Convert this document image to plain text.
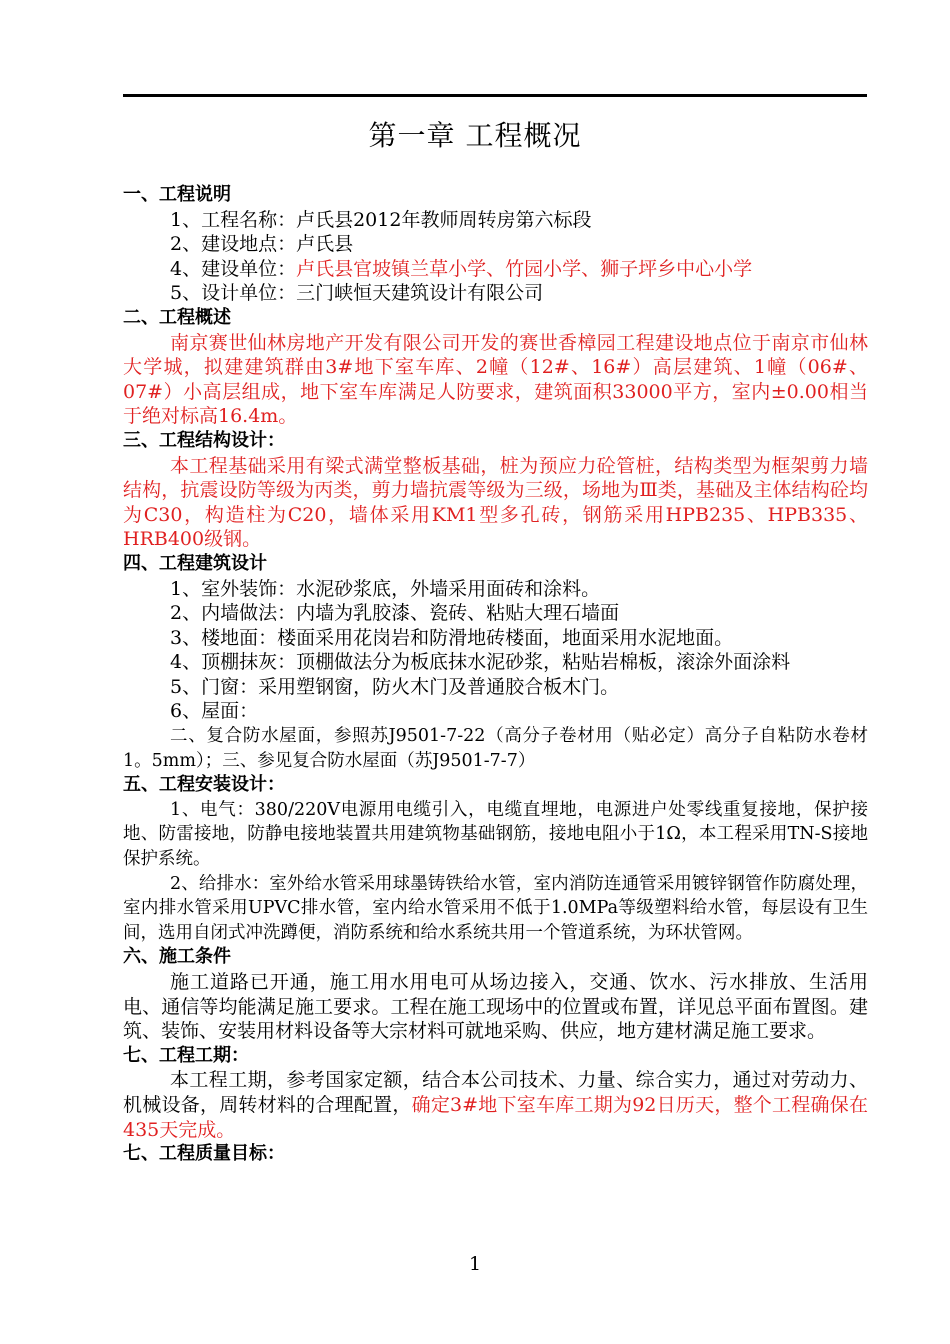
第一章 工程概况
一、工程说明
1、工程名称：卢氏县2012年教师周转房第六标段
2、建设地点：卢氏县
4、建设单位：卢氏县官坡镇兰草小学、竹园小学、狮子坪乡中心小学
5、设计单位：三门峡恒天建筑设计有限公司
二、工程概述
南京赛世仙林房地产开发有限公司开发的赛世香樟园工程建设地点位于南京市仙林大学城，拟建建筑群由3#地下室车库、2幢（12#、16#）高层建筑、1幢（06#、07#）小高层组成，地下室车库满足人防要求，建筑面积33000平方，室内±0.00相当于绝对标高16.4m。
三、工程结构设计：
本工程基础采用有梁式满堂整板基础，桩为预应力砼管桩，结构类型为框架剪力墙结构，抗震设防等级为丙类，剪力墙抗震等级为三级，场地为Ⅲ类，基础及主体结构砼均为C30，构造柱为C20，墙体采用KM1型多孔砖，钢筋采用HPB235、HPB335、HRB400级钢。
四、工程建筑设计
1、室外装饰：水泥砂浆底，外墙采用面砖和涂料。
2、内墙做法：内墙为乳胶漆、瓷砖、粘贴大理石墙面
3、楼地面：楼面采用花岗岩和防滑地砖楼面，地面采用水泥地面。
4、顶棚抹灰：顶棚做法分为板底抹水泥砂浆，粘贴岩棉板，滚涂外面涂料
5、门窗：采用塑钢窗，防火木门及普通胶合板木门。
6、屋面：
二、复合防水屋面，参照苏J9501-7-22（高分子卷材用（贴必定）高分子自粘防水卷材1。5mm）；三、参见复合防水屋面（苏J9501-7-7）
五、工程安装设计：
1、电气：380/220V电源用电缆引入，电缆直埋地，电源进户处零线重复接地，保护接地、防雷接地，防静电接地装置共用建筑物基础钢筋，接地电阻小于1Ω，本工程采用TN-S接地保护系统。
2、给排水：室外给水管采用球墨铸铁给水管，室内消防连通管采用镀锌钢管作防腐处理，室内排水管采用UPVC排水管，室内给水管采用不低于1.0MPa等级塑料给水管，每层设有卫生间，选用自闭式冲洗蹲便，消防系统和给水系统共用一个管道系统，为环状管网。
六、施工条件
施工道路已开通，施工用水用电可从场边接入，交通、饮水、污水排放、生活用电、通信等均能满足施工要求。工程在施工现场中的位置或布置，详见总平面布置图。建筑、装饰、安装用材料设备等大宗材料可就地采购、供应，地方建材满足施工要求。
七、工程工期：
本工程工期，参考国家定额，结合本公司技术、力量、综合实力，通过对劳动力、机械设备，周转材料的合理配置，确定3#地下室车库工期为92日历天，整个工程确保在435天完成。
七、工程质量目标：
1
